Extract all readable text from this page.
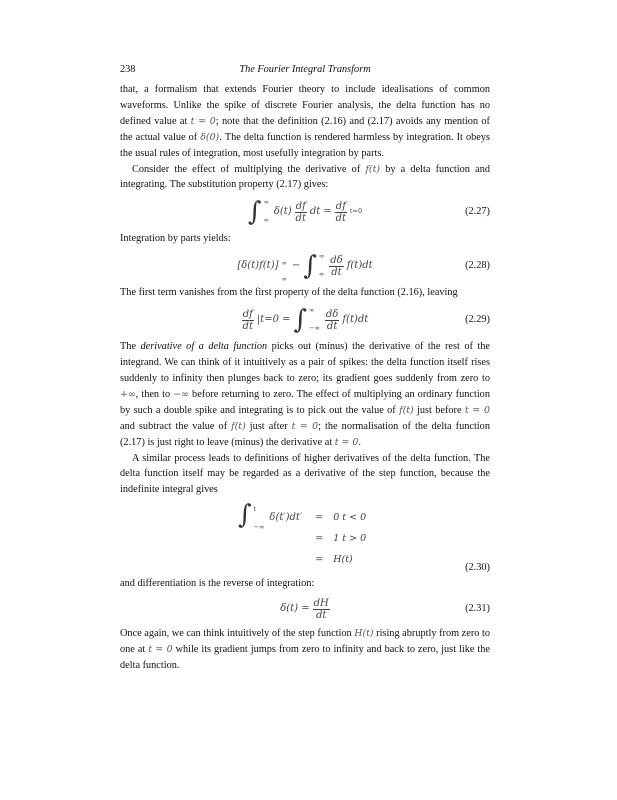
238	The Fourier Integral Transform

that, a formalism that extends Fourier theory to include idealisations of common waveforms. Unlike the spike of discrete Fourier analysis, the delta function has no defined value at t = 0; note that the definition (2.16) and (2.17) avoids any mention of the actual value of δ(0). The delta function is rendered harmless by integration. It obeys the usual rules of integration, most usefully integration by parts.

Consider the effect of multiplying the derivative of f(t) by a delta function and integrating. The substitution property (2.17) gives:

∫ ∞
∞
$\delta(t) \frac{df}{dt}$ dt = $\frac{df}{dt} t=0$	(2.27)

Integration by parts yields:

[δ(t)f(t)] ∞
∞
− ∫ ∞
∞ $\frac{d\delta}{dt} f(t)dt$	(2.28)

The first term vanishes from the first property of the delta function (2.16), leaving

$\frac{df}{dt} |t=0$ = ∫ ∞
−∞ $\frac{d\delta}{dt} f(t)dt$	(2.29)

The derivative of a delta function picks out (minus) the derivative of the rest of the integrand. We can think of it intuitively as a pair of spikes: the delta function itself rises suddenly to infinity then plunges back to zero; its gradient goes suddenly from zero to +∞, then to −∞ before returning to zero. The effect of multiplying an ordinary function by such a double spike and integrating is to pick out the value of f(t) just before t = 0 and subtract the value of f(t) just after t = 0; the normalisation of the delta function (2.17) is just right to leave (minus) the derivative at t = 0.

A similar process leads to definitions of higher derivatives of the delta function. The delta function itself may be regarded as a derivative of the step function, because the indefinite integral gives

∫ t
−∞
δ(t′)dt′ = 0 t < 0
= 1 t > 0
= H(t)
(2.30)

and differentiation is the reverse of integration:

$\delta(t) = \frac{dH}{dt}$	(2.31)

Once again, we can think intuitively of the step function H(t) rising abruptly from zero to one at t = 0 while its gradient jumps from zero to infinity and back to zero, just like the delta function.
